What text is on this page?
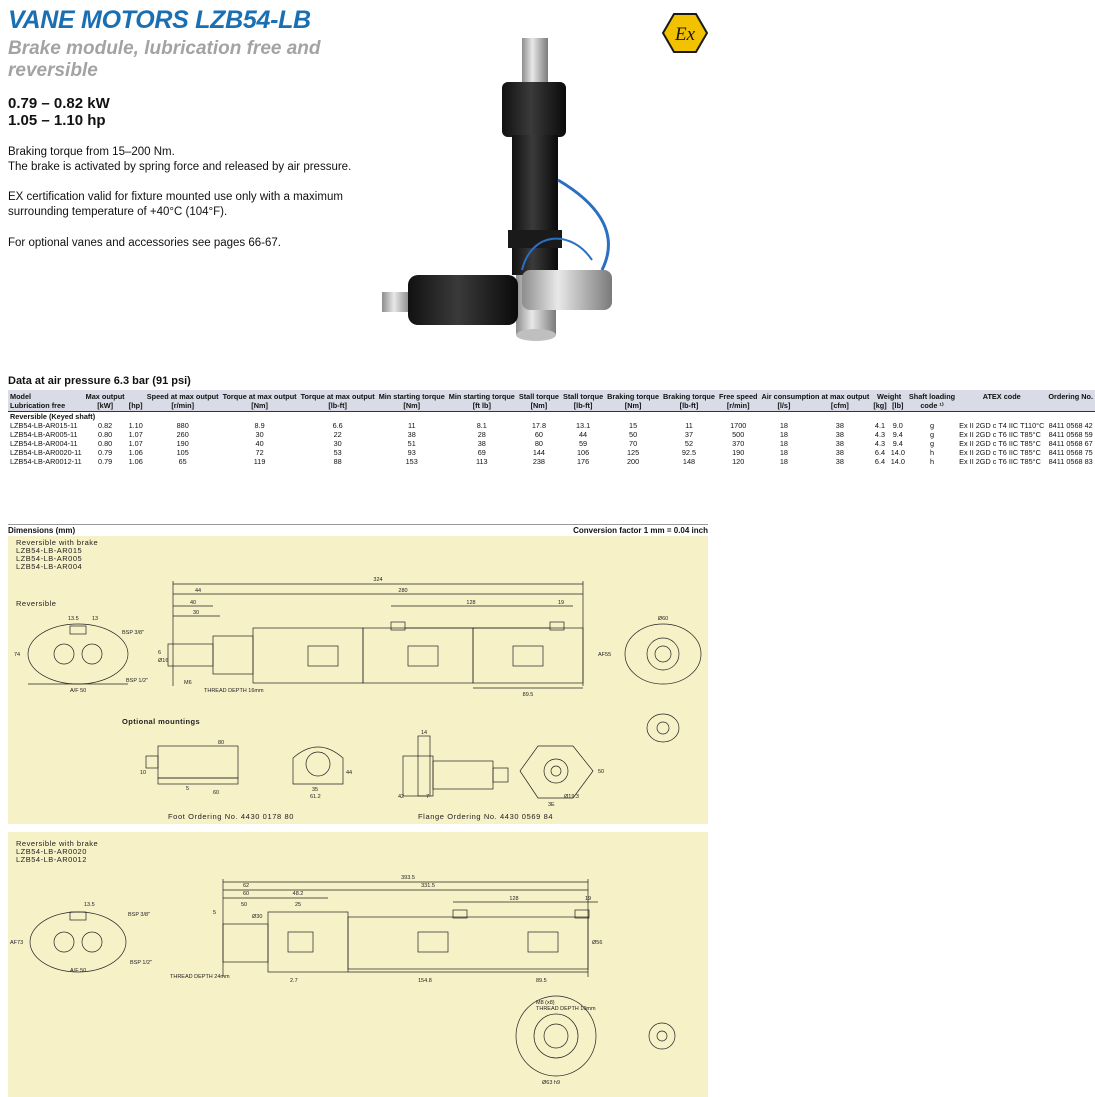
VANE MOTORS LZB54-LB
Brake module, lubrication free and reversible
Ex
0.79 – 0.82 kW
1.05 – 1.10 hp
Braking torque from 15–200 Nm.
The brake is activated by spring force and released by air pressure.
EX certification valid for fixture mounted use only with a maximum surrounding temperature of +40°C (104°F).
For optional vanes and accessories see pages 66-67.
Data at air pressure 6.3 bar (91 psi)
Model	Max output		Speed at max output	Torque at max output	Torque at max output	Min starting torque	Min starting torque	Stall torque	Stall torque	Braking torque	Braking torque	Free speed	Air consumption at max output		Weight		Shaft loading	ATEX code	Ordering No.
Lubrication free	[kW]	[hp]	[r/min]	[Nm]	[lb-ft]	[Nm]	[ft lb]	[Nm]	[lb-ft]	[Nm]	[lb-ft]	[r/min]	[l/s]	[cfm]	[kg]	[lb]	code ¹⁾		
Reversible (Keyed shaft)																			
LZB54-LB-AR015-11	0.82	1.10	880	8.9	6.6	11	8.1	17.8	13.1	15	11	1700	18	38	4.1	9.0	g	Ex II 2GD c T4 IIC T110°C	8411 0568 42
LZB54-LB-AR005-11	0.80	1.07	260	30	22	38	28	60	44	50	37	500	18	38	4.3	9.4	g	Ex II 2GD c T6 IIC T85°C	8411 0568 59
LZB54-LB-AR004-11	0.80	1.07	190	40	30	51	38	80	59	70	52	370	18	38	4.3	9.4	g	Ex II 2GD c T6 IIC T85°C	8411 0568 67
LZB54-LB-AR0020-11	0.79	1.06	105	72	53	93	69	144	106	125	92.5	190	18	38	6.4	14.0	h	Ex II 2GD c T6 IIC T85°C	8411 0568 75
LZB54-LB-AR0012-11	0.79	1.06	65	119	88	153	113	238	176	200	148	120	18	38	6.4	14.0	h	Ex II 2GD c T6 IIC T85°C	8411 0568 83
Dimensions (mm)	Conversion factor 1 mm = 0.04 inch
Reversible with brake
LZB54-LB-AR015
LZB54-LB-AR005
LZB54-LB-AR004
Reversible
Optional mountings
Foot Ordering No. 4430 0178 80	Flange Ordering No. 4430 0569 84
324
44	280
40	128	19
30
Ø60
6
Ø16
AF55
89.5
THREAD DEPTH 16mm
M6
BSP 3/8"
BSP 1/2"
A/F 50
13.5
74
13
80
60	35
61.2
44
10
5
14
42	7
50
3E
Ø19.3
Reversible with brake
LZB54-LB-AR0020
LZB54-LB-AR0012
393.5
62	331.5
60	48.2
128	19
50	25
Ø30
5
154.8	89.5
2.7
THREAD DEPTH 24mm
BSP 3/8"
BSP 1/2"
A/F 50
AF73
13.5
Ø56
M8 (x8)
THREAD DEPTH 10mm
Ø63 h9
